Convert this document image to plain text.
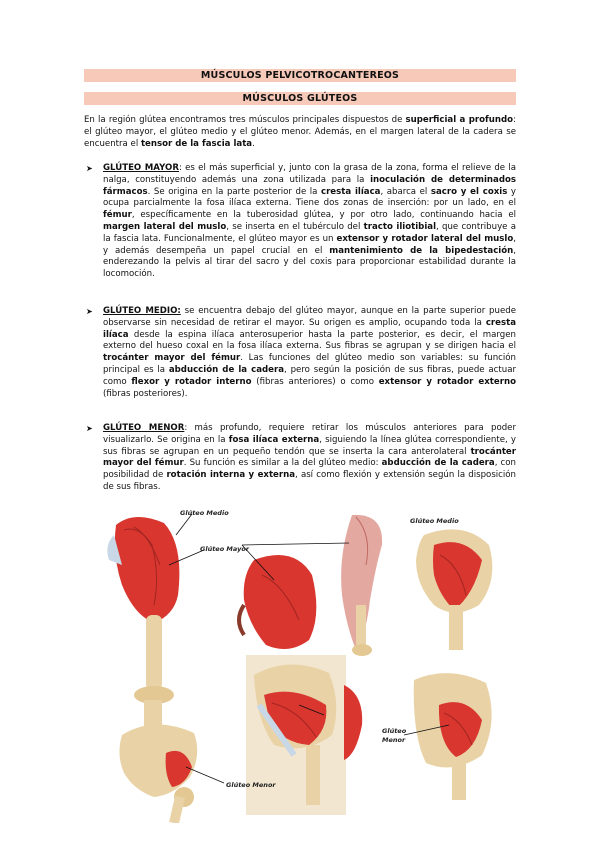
MÚSCULOS PELVICOTROCANTEREOS
MÚSCULOS GLÚTEOS
En la región glútea encontramos tres músculos principales dispuestos de superficial a profundo: el glúteo mayor, el glúteo medio y el glúteo menor. Además, en el margen lateral de la cadera se encuentra el tensor de la fascia lata.
➤ GLÚTEO MAYOR: es el más superficial y, junto con la grasa de la zona, forma el relieve de la nalga, constituyendo además una zona utilizada para la inoculación de determinados fármacos. Se origina en la parte posterior de la cresta ilíaca, abarca el sacro y el coxis y ocupa parcialmente la fosa ilíaca externa. Tiene dos zonas de inserción: por un lado, en el fémur, específicamente en la tuberosidad glútea, y por otro lado, continuando hacia el margen lateral del muslo, se inserta en el tubérculo del tracto iliotibial, que contribuye a la fascia lata. Funcionalmente, el glúteo mayor es un extensor y rotador lateral del muslo, y además desempeña un papel crucial en el mantenimiento de la bipedestación, enderezando la pelvis al tirar del sacro y del coxis para proporcionar estabilidad durante la locomoción.
➤ GLÚTEO MEDIO: se encuentra debajo del glúteo mayor, aunque en la parte superior puede observarse sin necesidad de retirar el mayor. Su origen es amplio, ocupando toda la cresta ilíaca desde la espina ilíaca anterosuperior hasta la parte posterior, es decir, el margen externo del hueso coxal en la fosa ilíaca externa. Sus fibras se agrupan y se dirigen hacia el trocánter mayor del fémur. Las funciones del glúteo medio son variables: su función principal es la abducción de la cadera, pero según la posición de sus fibras, puede actuar como flexor y rotador interno (fibras anteriores) o como extensor y rotador externo (fibras posteriores).
➤ GLÚTEO MENOR: más profundo, requiere retirar los músculos anteriores para poder visualizarlo. Se origina en la fosa ilíaca externa, siguiendo la línea glútea correspondiente, y sus fibras se agrupan en un pequeño tendón que se inserta la cara anterolateral trocánter mayor del fémur. Su función es similar a la del glúteo medio: abducción de la cadera, con posibilidad de rotación interna y externa, así como flexión y extensión según la disposición de sus fibras.
Glúteo Medio
Glúteo Mayor
Glúteo Medio
Glúteo Menor
Glúteo
Menor
